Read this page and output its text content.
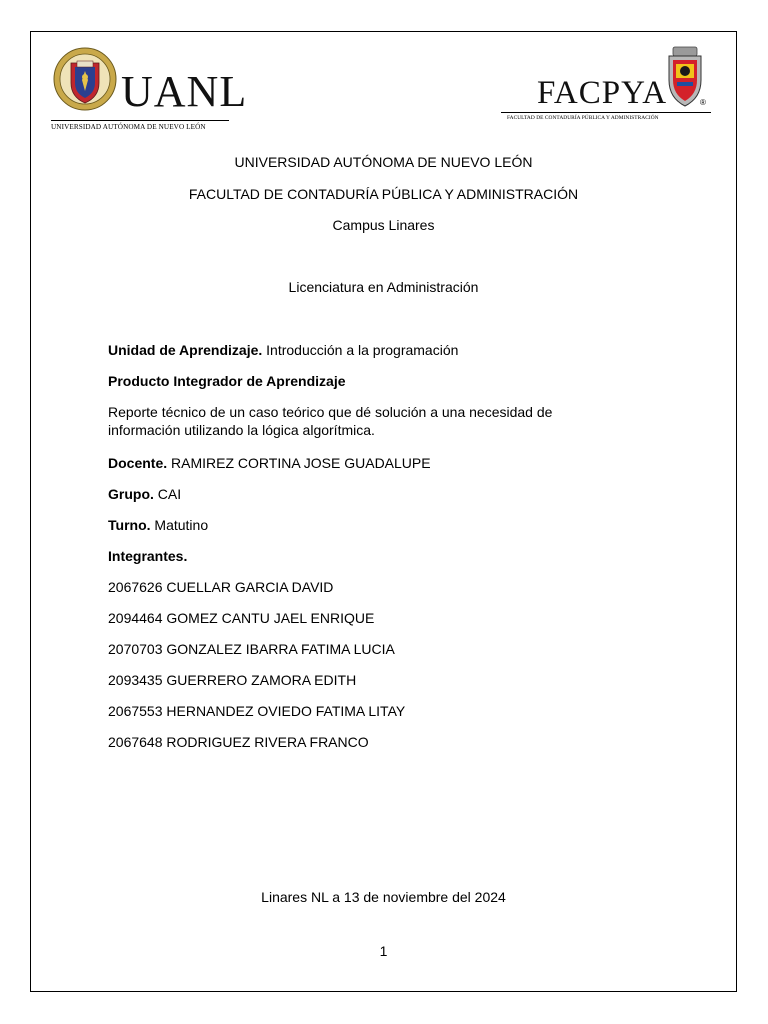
UANL
UNIVERSIDAD AUTÓNOMA DE NUEVO LEÓN
FACPYA	®
FACULTAD DE CONTADURÍA PÚBLICA Y ADMINISTRACIÓN
UNIVERSIDAD AUTÓNOMA DE NUEVO LEÓN
FACULTAD DE CONTADURÍA PÚBLICA Y ADMINISTRACIÓN
Campus Linares
Licenciatura en Administración
Unidad de Aprendizaje. Introducción a la programación
Producto Integrador de Aprendizaje
Reporte técnico de un caso teórico que dé solución a una necesidad de información utilizando la lógica algorítmica.
Docente. RAMIREZ CORTINA JOSE GUADALUPE
Grupo. CAI
Turno. Matutino
Integrantes.
2067626 CUELLAR GARCIA DAVID
2094464 GOMEZ CANTU JAEL ENRIQUE
2070703 GONZALEZ IBARRA FATIMA LUCIA
2093435 GUERRERO ZAMORA EDITH
2067553 HERNANDEZ OVIEDO FATIMA LITAY
2067648 RODRIGUEZ RIVERA FRANCO
Linares NL a 13 de noviembre del 2024
1
